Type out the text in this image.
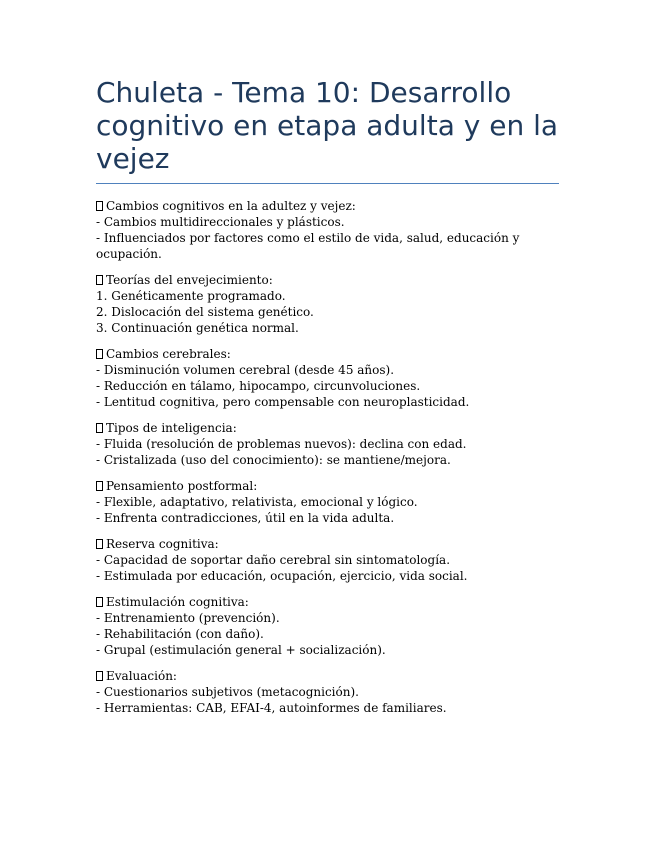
Chuleta - Tema 10: Desarrollo cognitivo en etapa adulta y en la vejez
Cambios cognitivos en la adultez y vejez:
- Cambios multidireccionales y plásticos.
- Influenciados por factores como el estilo de vida, salud, educación y ocupación.
Teorías del envejecimiento:
1. Genéticamente programado.
2. Dislocación del sistema genético.
3. Continuación genética normal.
Cambios cerebrales:
- Disminución volumen cerebral (desde 45 años).
- Reducción en tálamo, hipocampo, circunvoluciones.
- Lentitud cognitiva, pero compensable con neuroplasticidad.
Tipos de inteligencia:
- Fluida (resolución de problemas nuevos): declina con edad.
- Cristalizada (uso del conocimiento): se mantiene/mejora.
Pensamiento postformal:
- Flexible, adaptativo, relativista, emocional y lógico.
- Enfrenta contradicciones, útil en la vida adulta.
Reserva cognitiva:
- Capacidad de soportar daño cerebral sin sintomatología.
- Estimulada por educación, ocupación, ejercicio, vida social.
Estimulación cognitiva:
- Entrenamiento (prevención).
- Rehabilitación (con daño).
- Grupal (estimulación general + socialización).
Evaluación:
- Cuestionarios subjetivos (metacognición).
- Herramientas: CAB, EFAI-4, autoinformes de familiares.
